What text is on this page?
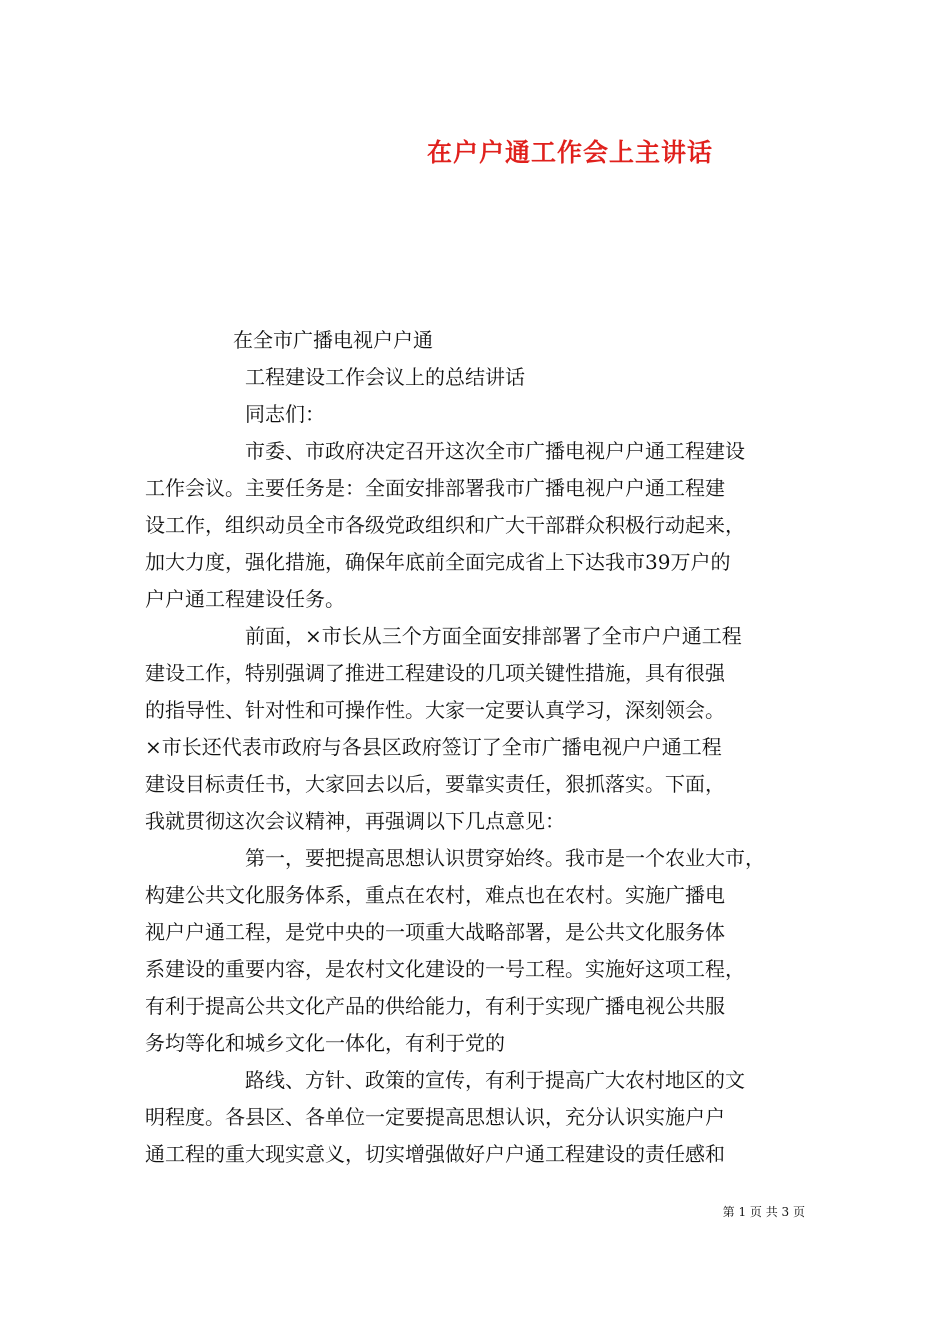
在户户通工作会上主讲话
在全市广播电视户户通
工程建设工作会议上的总结讲话
同志们：
市委、市政府决定召开这次全市广播电视户户通工程建设
工作会议。主要任务是：全面安排部署我市广播电视户户通工程建
设工作，组织动员全市各级党政组织和广大干部群众积极行动起来，
加大力度，强化措施，确保年底前全面完成省上下达我市39万户的
户户通工程建设任务。
前面，×市长从三个方面全面安排部署了全市户户通工程
建设工作，特别强调了推进工程建设的几项关键性措施，具有很强
的指导性、针对性和可操作性。大家一定要认真学习，深刻领会。
×市长还代表市政府与各县区政府签订了全市广播电视户户通工程
建设目标责任书，大家回去以后，要靠实责任，狠抓落实。下面，
我就贯彻这次会议精神，再强调以下几点意见：
第一，要把提高思想认识贯穿始终。我市是一个农业大市，
构建公共文化服务体系，重点在农村，难点也在农村。实施广播电
视户户通工程，是党中央的一项重大战略部署，是公共文化服务体
系建设的重要内容，是农村文化建设的一号工程。实施好这项工程，
有利于提高公共文化产品的供给能力，有利于实现广播电视公共服
务均等化和城乡文化一体化，有利于党的
路线、方针、政策的宣传，有利于提高广大农村地区的文
明程度。各县区、各单位一定要提高思想认识，充分认识实施户户
通工程的重大现实意义，切实增强做好户户通工程建设的责任感和
第 1 页 共 3 页
